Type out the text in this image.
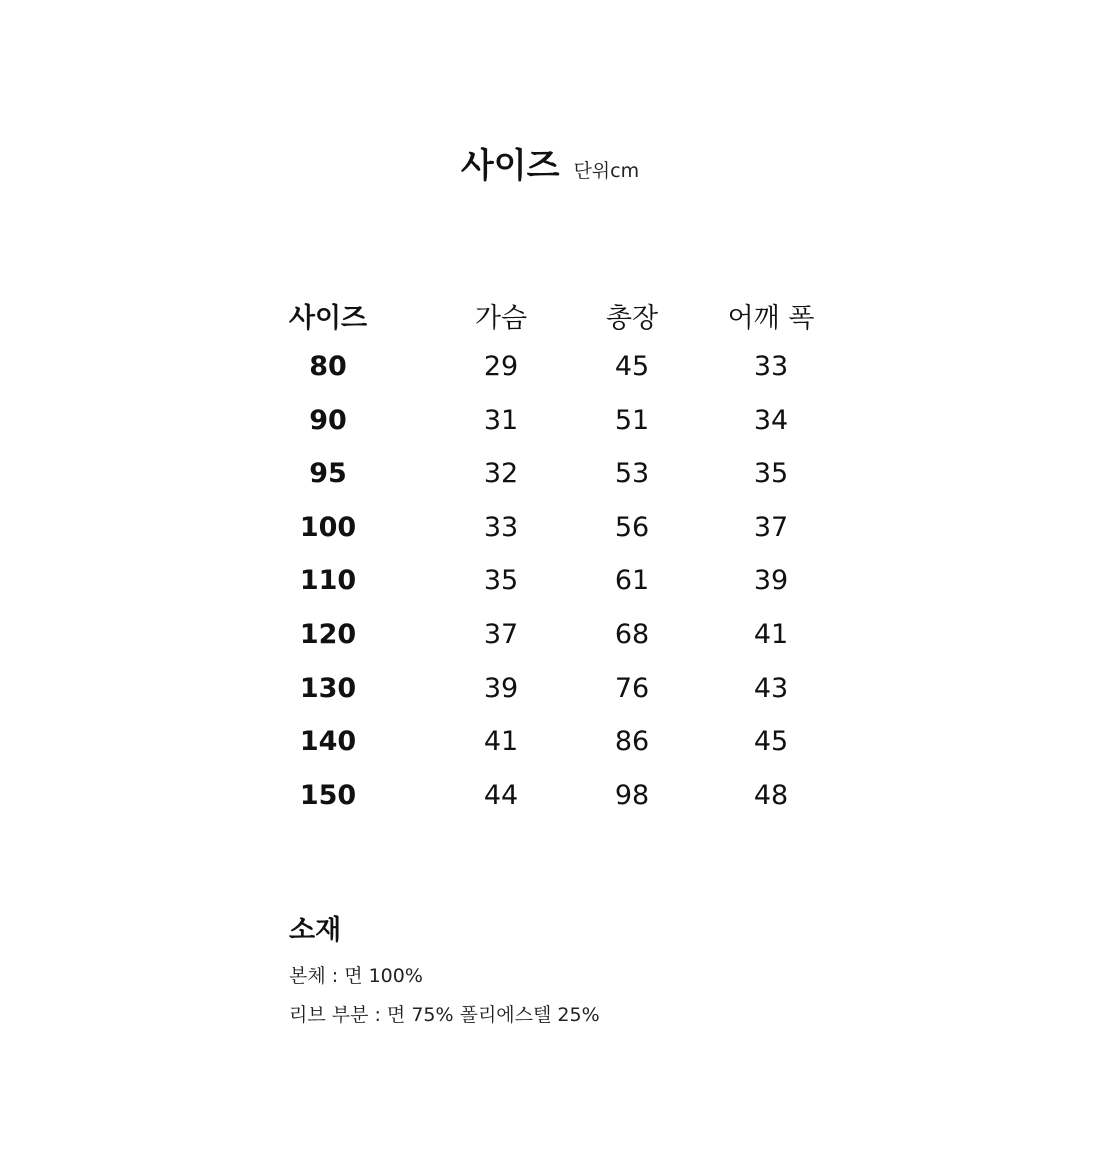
사이즈 단위cm
사이즈	가슴	총장	어깨 폭
80	29	45	33
90	31	51	34
95	32	53	35
100	33	56	37
110	35	61	39
120	37	68	41
130	39	76	43
140	41	86	45
150	44	98	48
소재
본체 : 면 100%
리브 부분 : 면 75% 폴리에스텔 25%
